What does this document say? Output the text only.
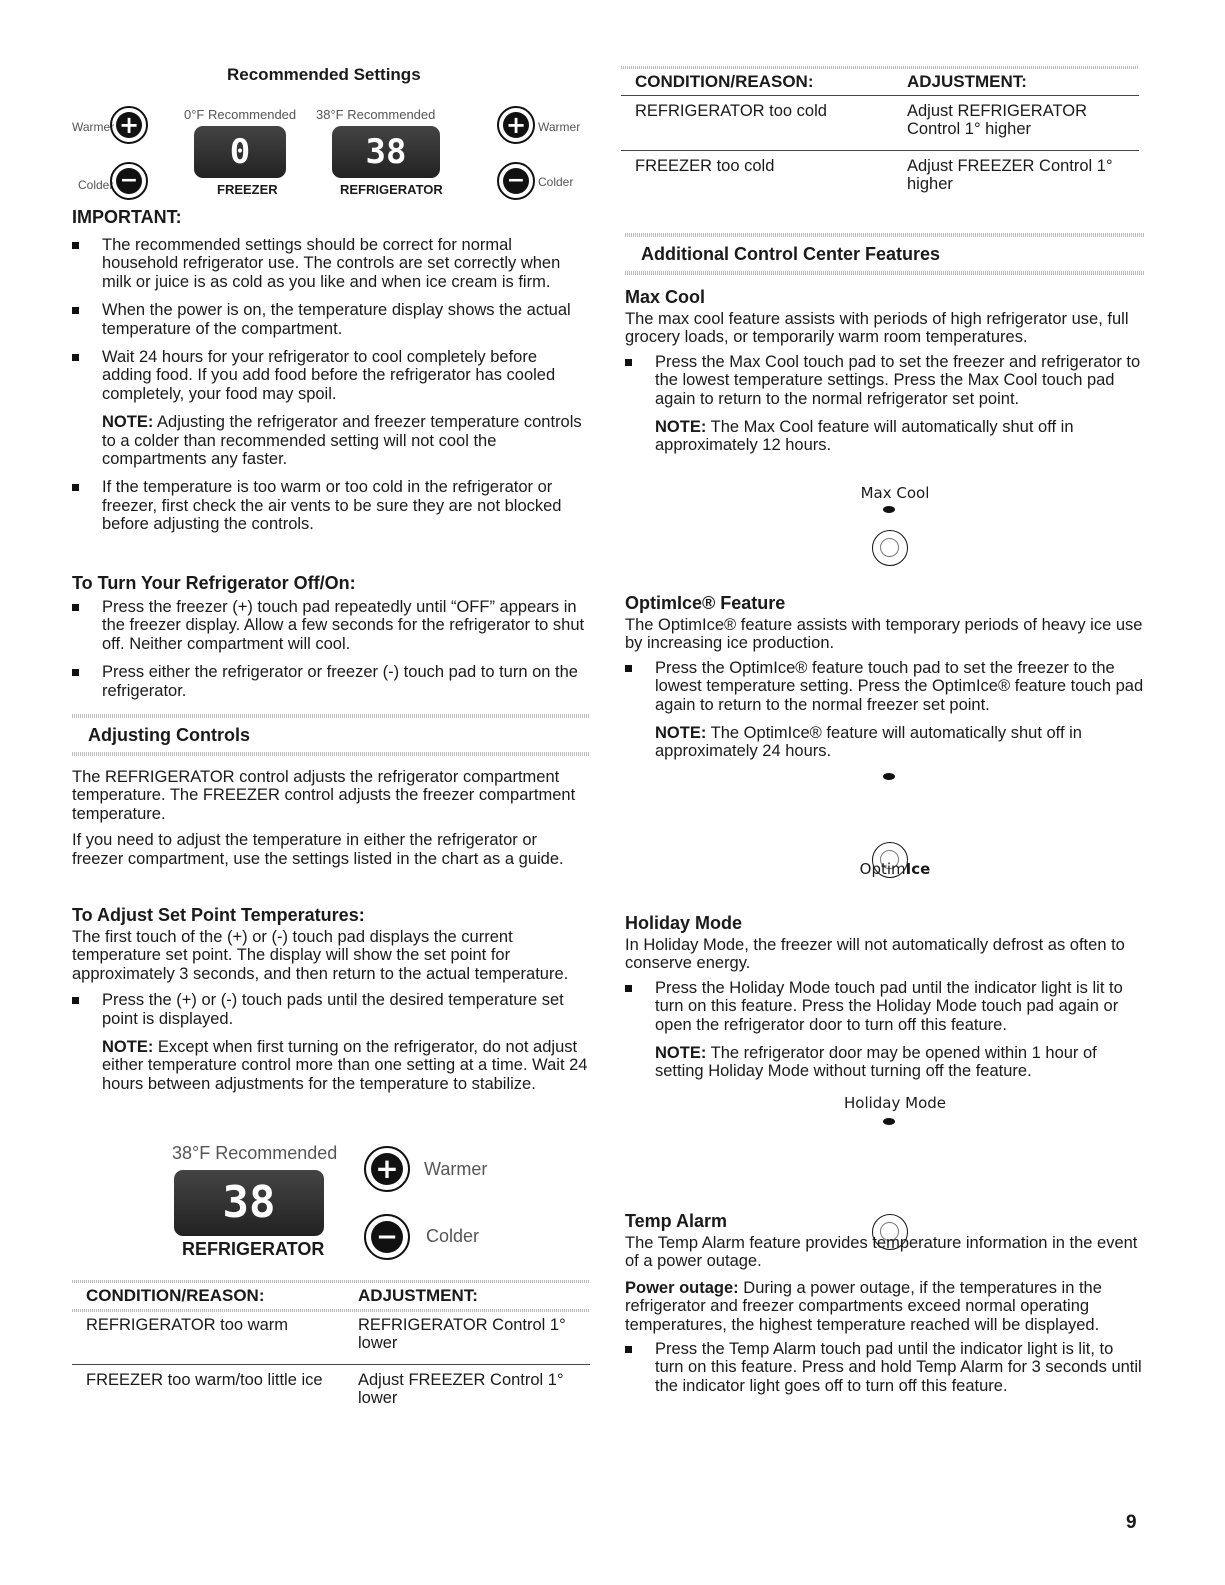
Recommended Settings
Warmer +
Colder −
0°F Recommended
0
FREEZER
38°F Recommended
38
REFRIGERATOR
+ Warmer
−	Colder
IMPORTANT:
The recommended settings should be correct for normal household refrigerator use. The controls are set correctly when milk or juice is as cold as you like and when ice cream is firm.
When the power is on, the temperature display shows the actual temperature of the compartment.
Wait 24 hours for your refrigerator to cool completely before adding food. If you add food before the refrigerator has cooled completely, your food may spoil.

NOTE: Adjusting the refrigerator and freezer temperature controls to a colder than recommended setting will not cool the compartments any faster.

If the temperature is too warm or too cold in the refrigerator or freezer, first check the air vents to be sure they are not blocked before adjusting the controls.
To Turn Your Refrigerator Off/On:
Press the freezer (+) touch pad repeatedly until “OFF” appears in the freezer display. Allow a few seconds for the refrigerator to shut off. Neither compartment will cool.
Press either the refrigerator or freezer (-) touch pad to turn on the refrigerator.
Adjusting Controls

The REFRIGERATOR control adjusts the refrigerator compartment temperature. The FREEZER control adjusts the freezer compartment temperature.

If you need to adjust the temperature in either the refrigerator or freezer compartment, use the settings listed in the chart as a guide.

To Adjust Set Point Temperatures:

The first touch of the (+) or (-) touch pad displays the current temperature set point. The display will show the set point for approximately 3 seconds, and then return to the actual temperature.

Press the (+) or (-) touch pads until the desired temperature set point is displayed.

NOTE: Except when first turning on the refrigerator, do not adjust either temperature control more than one setting at a time. Wait 24 hours between adjustments for the temperature to stabilize.

38°F Recommended
38
REFRIGERATOR
+ Warmer
− Colder
CONDITION/REASON:	ADJUSTMENT:

REFRIGERATOR too warm	REFRIGERATOR Control 1° lower
FREEZER too warm/too little ice	Adjust FREEZER Control 1° lower
CONDITION/REASON:	ADJUSTMENT:
REFRIGERATOR too cold	Adjust REFRIGERATOR Control 1° higher
FREEZER too cold	Adjust FREEZER Control 1° higher
Additional Control Center Features
Max Cool

The max cool feature assists with periods of high refrigerator use, full grocery loads, or temporarily warm room temperatures.

Press the Max Cool touch pad to set the freezer and refrigerator to the lowest temperature settings. Press the Max Cool touch pad again to return to the normal refrigerator set point.

NOTE: The Max Cool feature will automatically shut off in approximately 12 hours.

Max Cool
OptimIce® Feature

The OptimIce® feature assists with temporary periods of heavy ice use by increasing ice production.

Press the OptimIce® feature touch pad to set the freezer to the lowest temperature setting. Press the OptimIce® feature touch pad again to return to the normal freezer set point.

NOTE: The OptimIce® feature will automatically shut off in approximately 24 hours.

OptimIce
Holiday Mode

In Holiday Mode, the freezer will not automatically defrost as often to conserve energy.

Press the Holiday Mode touch pad until the indicator light is lit to turn on this feature. Press the Holiday Mode touch pad again or open the refrigerator door to turn off this feature.

NOTE: The refrigerator door may be opened within 1 hour of setting Holiday Mode without turning off the feature.

Holiday Mode
Temp Alarm

The Temp Alarm feature provides temperature information in the event of a power outage.

Power outage: During a power outage, if the temperatures in the refrigerator and freezer compartments exceed normal operating temperatures, the highest temperature reached will be displayed.

Press the Temp Alarm touch pad until the indicator light is lit, to turn on this feature. Press and hold Temp Alarm for 3 seconds until the indicator light goes off to turn off this feature.
9
